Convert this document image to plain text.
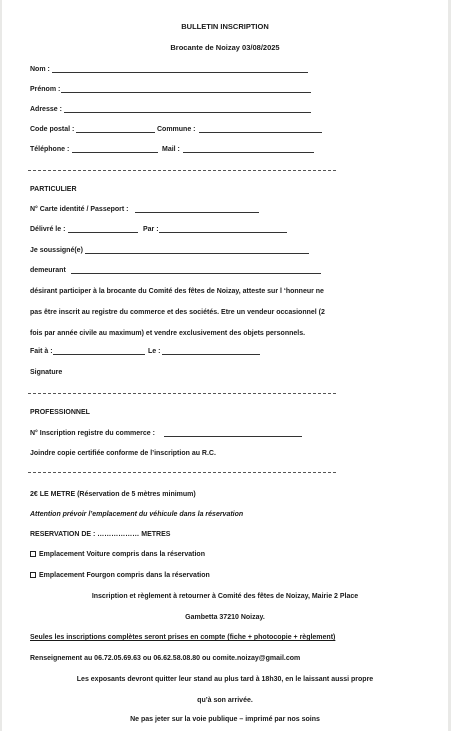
BULLETIN INSCRIPTION
Brocante de Noizay 03/08/2025
Nom :
Prénom :
Adresse :
Code postal :	Commune :
Téléphone :	Mail :
PARTICULIER
N° Carte identité / Passeport :
Délivré le :	Par :
Je soussigné(e)
demeurant
désirant participer à la brocante du Comité des fêtes de Noizay, atteste sur l ‘honneur ne
pas être inscrit au registre du commerce et des sociétés. Etre un vendeur occasionnel (2
fois par année civile au maximum) et vendre exclusivement des objets personnels.
Fait à :	Le :
Signature
PROFESSIONNEL
N° Inscription registre du commerce :
Joindre copie certifiée conforme de l’inscription au R.C.
2€ LE METRE (Réservation de 5 mètres minimum)
Attention prévoir l’emplacement du véhicule dans la réservation
RESERVATION DE : ……………… METRES
Emplacement Voiture compris dans la réservation
Emplacement Fourgon compris dans la réservation
Inscription et règlement à retourner à Comité des fêtes de Noizay, Mairie 2 Place
Gambetta 37210 Noizay.
Seules les inscriptions complètes seront prises en compte (fiche + photocopie + règlement)
Renseignement au 06.72.05.69.63 ou 06.62.58.08.80 ou comite.noizay@gmail.com
Les exposants devront quitter leur stand au plus tard à 18h30, en le laissant aussi propre
qu’à son arrivée.
Ne pas jeter sur la voie publique – imprimé par nos soins
